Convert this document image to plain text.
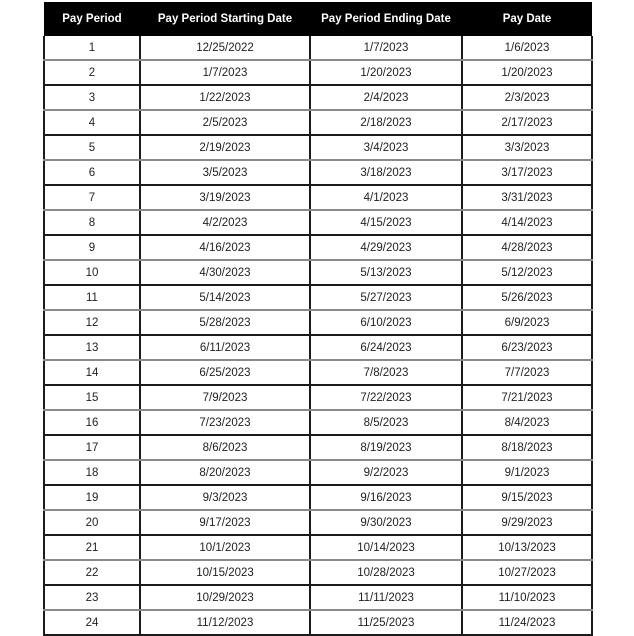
Pay Period	Pay Period Starting Date	Pay Period Ending Date	Pay Date
1	12/25/2022	1/7/2023	1/6/2023
2	1/7/2023	1/20/2023	1/20/2023
3	1/22/2023	2/4/2023	2/3/2023
4	2/5/2023	2/18/2023	2/17/2023
5	2/19/2023	3/4/2023	3/3/2023
6	3/5/2023	3/18/2023	3/17/2023
7	3/19/2023	4/1/2023	3/31/2023
8	4/2/2023	4/15/2023	4/14/2023
9	4/16/2023	4/29/2023	4/28/2023
10	4/30/2023	5/13/2023	5/12/2023
11	5/14/2023	5/27/2023	5/26/2023
12	5/28/2023	6/10/2023	6/9/2023
13	6/11/2023	6/24/2023	6/23/2023
14	6/25/2023	7/8/2023	7/7/2023
15	7/9/2023	7/22/2023	7/21/2023
16	7/23/2023	8/5/2023	8/4/2023
17	8/6/2023	8/19/2023	8/18/2023
18	8/20/2023	9/2/2023	9/1/2023
19	9/3/2023	9/16/2023	9/15/2023
20	9/17/2023	9/30/2023	9/29/2023
21	10/1/2023	10/14/2023	10/13/2023
22	10/15/2023	10/28/2023	10/27/2023
23	10/29/2023	11/11/2023	11/10/2023
24	11/12/2023	11/25/2023	11/24/2023
